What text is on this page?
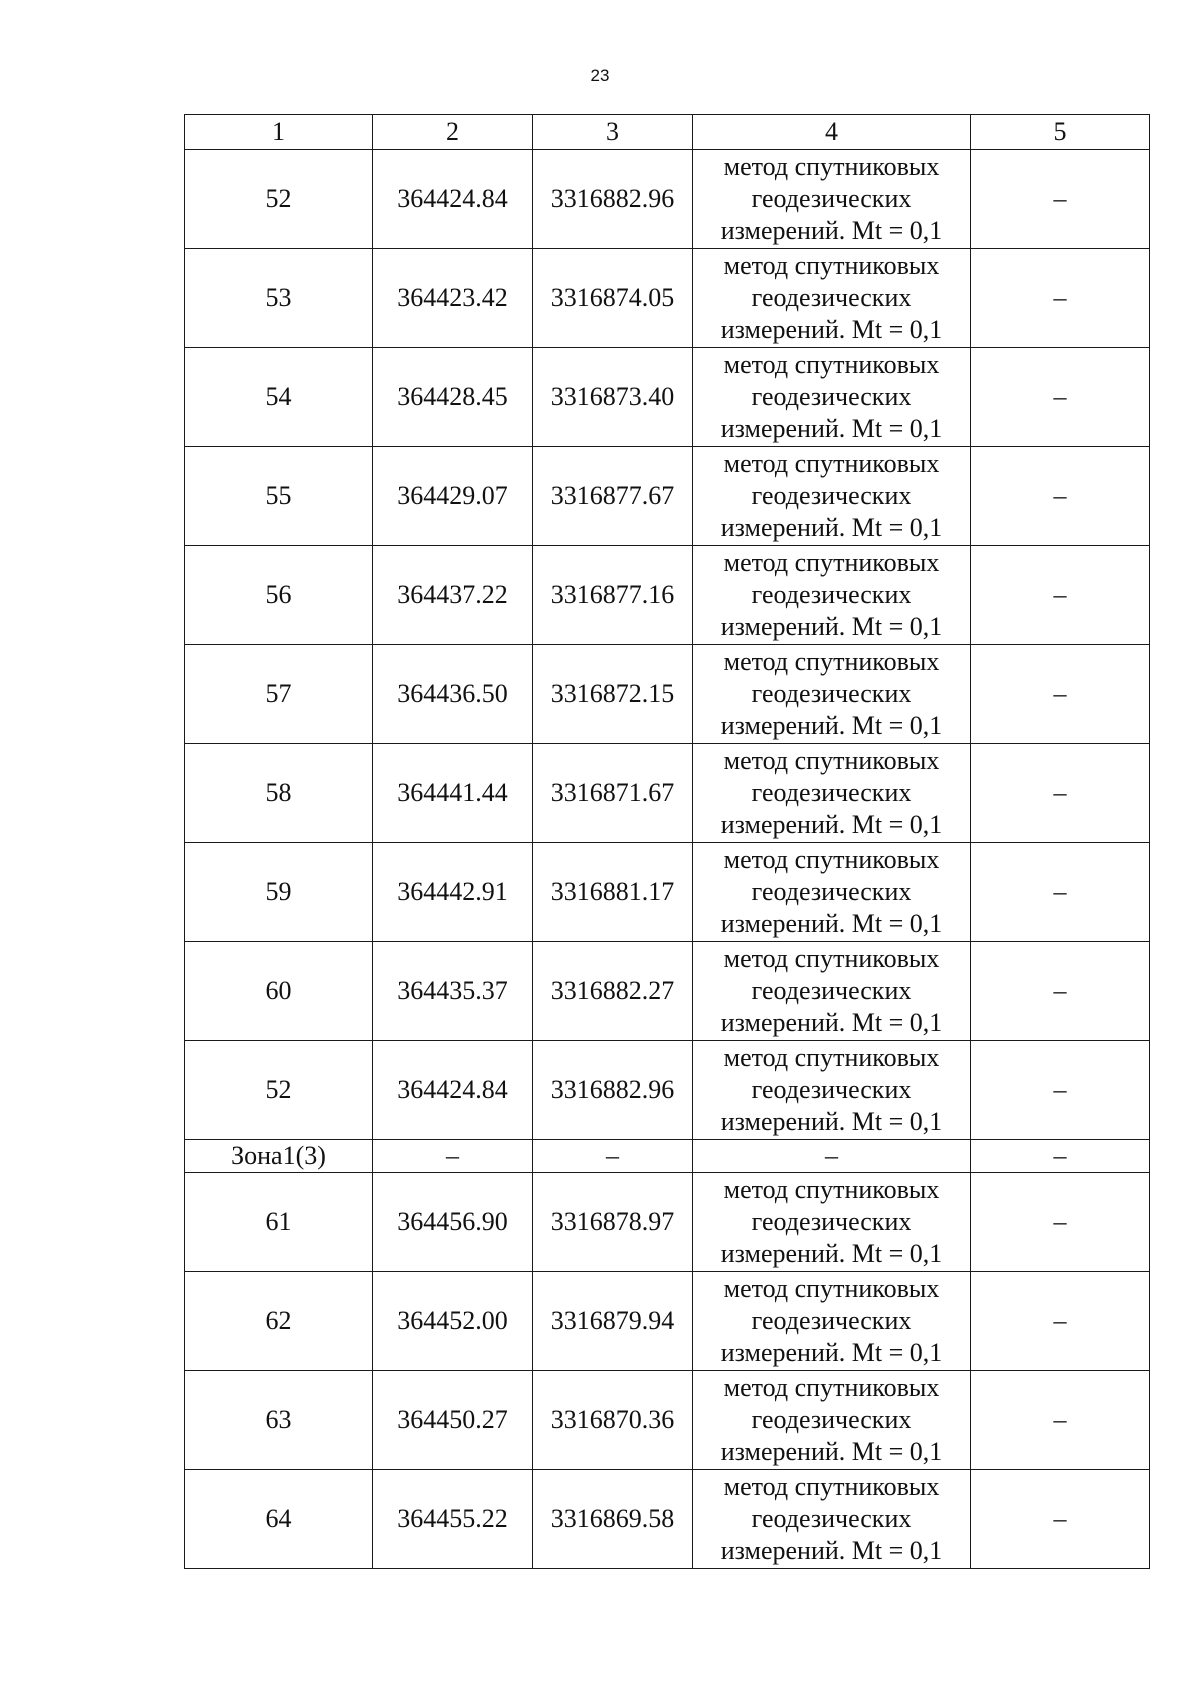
23
1	2	3	4	5
52	364424.84	3316882.96	метод спутниковых
геодезических
измерений. Mt = 0,1	–
53	364423.42	3316874.05	метод спутниковых
геодезических
измерений. Mt = 0,1	–
54	364428.45	3316873.40	метод спутниковых
геодезических
измерений. Mt = 0,1	–
55	364429.07	3316877.67	метод спутниковых
геодезических
измерений. Mt = 0,1	–
56	364437.22	3316877.16	метод спутниковых
геодезических
измерений. Mt = 0,1	–
57	364436.50	3316872.15	метод спутниковых
геодезических
измерений. Mt = 0,1	–
58	364441.44	3316871.67	метод спутниковых
геодезических
измерений. Mt = 0,1	–
59	364442.91	3316881.17	метод спутниковых
геодезических
измерений. Mt = 0,1	–
60	364435.37	3316882.27	метод спутниковых
геодезических
измерений. Mt = 0,1	–
52	364424.84	3316882.96	метод спутниковых
геодезических
измерений. Mt = 0,1	–
Зона1(3)	–	–	–	–
61	364456.90	3316878.97	метод спутниковых
геодезических
измерений. Mt = 0,1	–
62	364452.00	3316879.94	метод спутниковых
геодезических
измерений. Mt = 0,1	–
63	364450.27	3316870.36	метод спутниковых
геодезических
измерений. Mt = 0,1	–
64	364455.22	3316869.58	метод спутниковых
геодезических
измерений. Mt = 0,1	–
